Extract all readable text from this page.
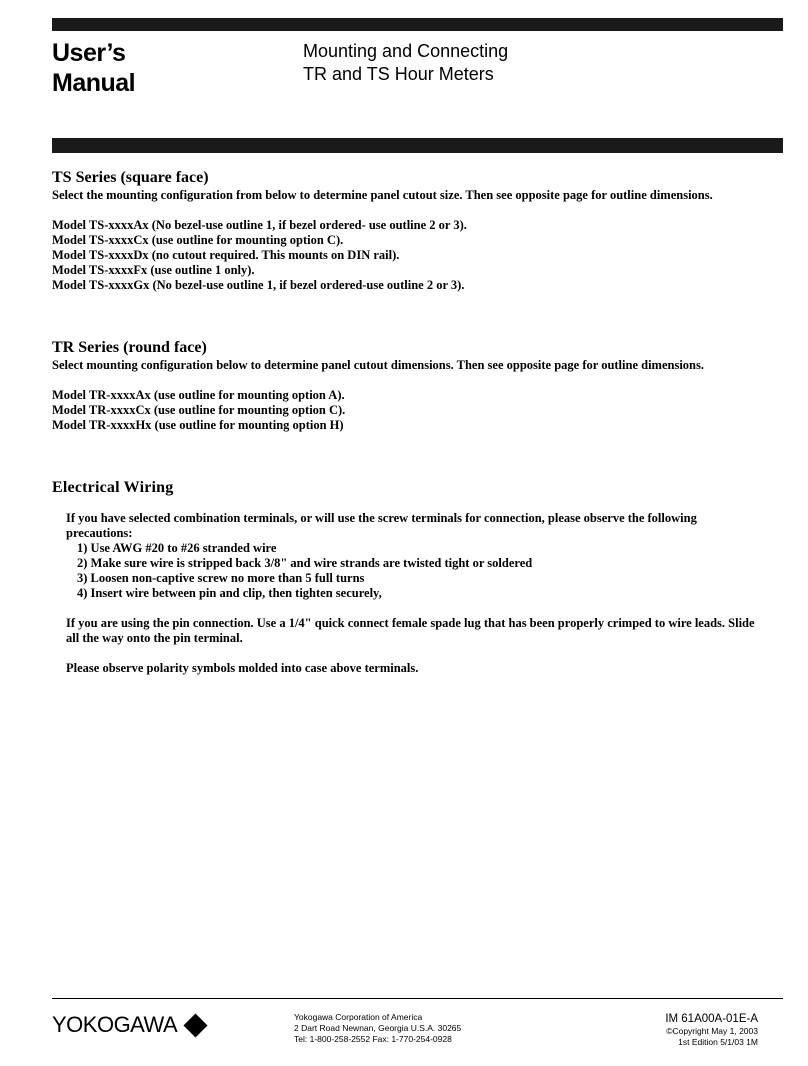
User’s
Manual
Mounting and Connecting
TR and TS Hour Meters

TS Series (square face)

Select the mounting configuration from below to determine panel cutout size. Then see opposite page for outline dimensions.

Model TS-xxxxAx (No bezel-use outline 1, if bezel ordered- use outline 2 or 3).

Model TS-xxxxCx (use outline for mounting option C).

Model TS-xxxxDx (no cutout required. This mounts on DIN rail).

Model TS-xxxxFx (use outline 1 only).

Model TS-xxxxGx (No bezel-use outline 1, if bezel ordered-use outline 2 or 3).

TR Series (round face)

Select mounting configuration below to determine panel cutout dimensions. Then see opposite page for outline dimensions.

Model TR-xxxxAx (use outline for mounting option A).

Model TR-xxxxCx (use outline for mounting option C).

Model TR-xxxxHx (use outline for mounting option H)

Electrical Wiring

If you have selected combination terminals, or will use the screw terminals for connection, please observe the following precautions:

1) Use AWG #20 to #26 stranded wire

2) Make sure wire is stripped back 3/8" and wire strands are twisted tight or soldered

3) Loosen non-captive screw no more than 5 full turns

4) Insert wire between pin and clip, then tighten securely,

If you are using the pin connection. Use a 1/4" quick connect female spade lug that has been properly crimped to wire leads. Slide all the way onto the pin terminal.

Please observe polarity symbols molded into case above terminals.

YOKOGAWA	Yokogawa Corporation of America
2 Dart Road Newnan, Georgia U.S.A. 30265
Tel: 1-800-258-2552 Fax: 1-770-254-0928
IM 61A00A-01E-A
©Copyright May 1, 2003
1st Edition 5/1/03 1M
